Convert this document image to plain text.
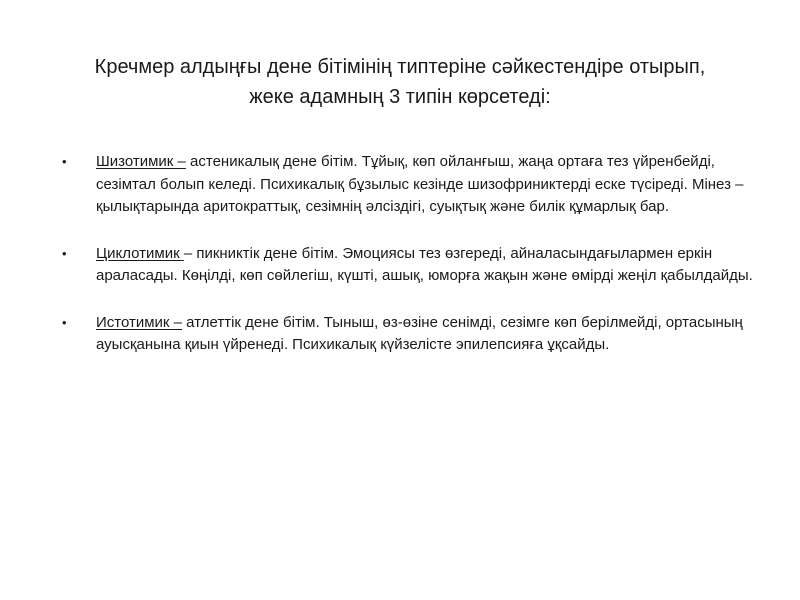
Кречмер алдыңғы дене бітімінің типтеріне сәйкестендіре отырып,
жеке адамның 3 типін көрсетеді:
• Шизотимик – астеникалық дене бітім. Тұйық, көп ойланғыш, жаңа ортаға тез үйренбейді, сезімтал болып келеді. Психикалық бұзылыс кезінде шизофриниктерді еске түсіреді. Мінез – қылықтарында аритократтық, сезімнің әлсіздігі, суықтық және билік құмарлық бар.
• Циклотимик – пикниктік дене бітім. Эмоциясы тез өзгереді, айналасындағылармен еркін араласады. Көңілді, көп сөйлегіш, күшті, ашық, юморға жақын және өмірді жеңіл қабылдайды.
• Истотимик – атлеттік дене бітім. Тыныш, өз-өзіне сенімді, сезімге көп берілмейді, ортасының ауысқанына қиын үйренеді. Психикалық күйзелісте эпилепсияға ұқсайды.
